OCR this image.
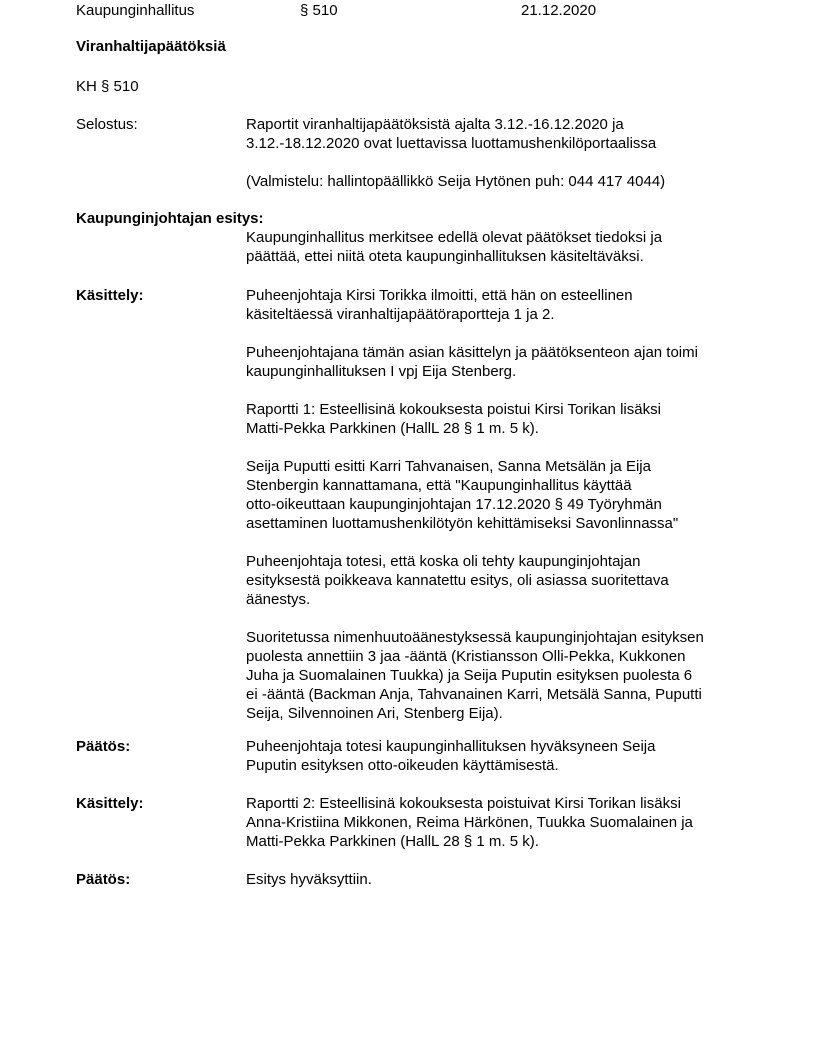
Kaupunginhallitus	§ 510	21.12.2020
Viranhaltijapäätöksiä
KH § 510
Selostus:	Raportit viranhaltijapäätöksistä ajalta 3.12.-16.12.2020 ja
3.12.-18.12.2020 ovat luettavissa luottamushenkilöportaalissa

(Valmistelu: hallintopäällikkö Seija Hytönen puh: 044 417 4044)

Kaupunginjohtajan esitys:

Kaupunginhallitus merkitsee edellä olevat päätökset tiedoksi ja
päättää, ettei niitä oteta kaupunginhallituksen käsiteltäväksi.

Käsittely:	Puheenjohtaja Kirsi Torikka ilmoitti, että hän on esteellinen
käsiteltäessä viranhaltijapäätöraportteja 1 ja 2.

Puheenjohtajana tämän asian käsittelyn ja päätöksenteon ajan toimi
kaupunginhallituksen I vpj Eija Stenberg.

Raportti 1: Esteellisinä kokouksesta poistui Kirsi Torikan lisäksi
Matti-Pekka Parkkinen (HallL 28 § 1 m. 5 k).

Seija Puputti esitti Karri Tahvanaisen, Sanna Metsälän ja Eija
Stenbergin kannattamana, että "Kaupunginhallitus käyttää
otto-oikeuttaan kaupunginjohtajan 17.12.2020 § 49 Työryhmän
asettaminen luottamushenkilötyön kehittämiseksi Savonlinnassa"

Puheenjohtaja totesi, että koska oli tehty kaupunginjohtajan
esityksestä poikkeava kannatettu esitys, oli asiassa suoritettava
äänestys.

Suoritetussa nimenhuutoäänestyksessä kaupunginjohtajan esityksen
puolesta annettiin 3 jaa -ääntä (Kristiansson Olli-Pekka, Kukkonen
Juha ja Suomalainen Tuukka) ja Seija Puputin esityksen puolesta 6
ei -ääntä (Backman Anja, Tahvanainen Karri, Metsälä Sanna, Puputti
Seija, Silvennoinen Ari, Stenberg Eija).

Päätös:	Puheenjohtaja totesi kaupunginhallituksen hyväksyneen Seija
Puputin esityksen otto-oikeuden käyttämisestä.

Käsittely:	Raportti 2: Esteellisinä kokouksesta poistuivat Kirsi Torikan lisäksi
Anna-Kristiina Mikkonen, Reima Härkönen, Tuukka Suomalainen ja
Matti-Pekka Parkkinen (HallL 28 § 1 m. 5 k).

Päätös:	Esitys hyväksyttiin.
